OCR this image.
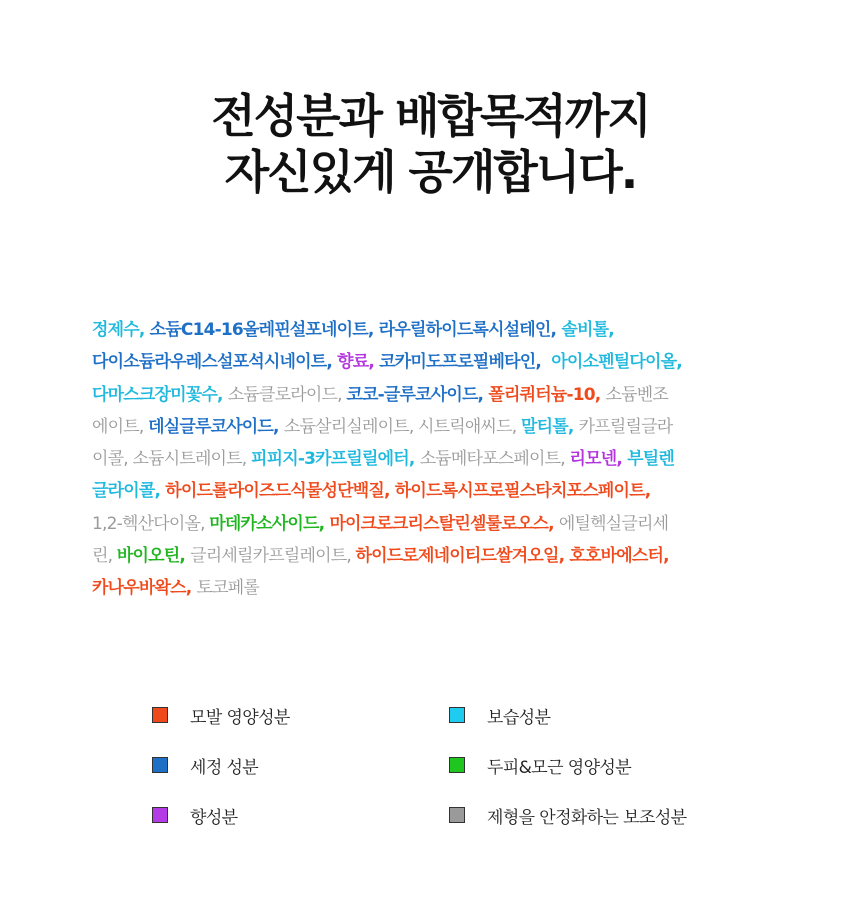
전성분과 배합목적까지
자신있게 공개합니다.
정제수, 소듐C14-16올레핀설포네이트, 라우릴하이드록시설테인, 솔비톨,
다이소듐라우레스설포석시네이트, 향료, 코카미도프로필베타인,  아이소펜틸다이올,
다마스크장미꽃수, 소듐클로라이드, 코코-글루코사이드, 폴리쿼터늄-10, 소듐벤조
에이트, 데실글루코사이드, 소듐살리실레이트, 시트릭애씨드, 말티톨, 카프릴릴글라
이콜, 소듐시트레이트, 피피지-3카프릴릴에터, 소듐메타포스페이트, 리모넨, 부틸렌
글라이콜, 하이드롤라이즈드식물성단백질, 하이드록시프로필스타치포스페이트,
1,2-헥산다이올, 마데카소사이드, 마이크로크리스탈린셀룰로오스, 에틸헥실글리세
린, 바이오틴, 글리세릴카프릴레이트, 하이드로제네이티드쌀겨오일, 호호바에스터,
카나우바왁스, 토코페롤
모발 영양성분	보습성분
세정 성분	두피&모근 영양성분
향성분	제형을 안정화하는 보조성분
